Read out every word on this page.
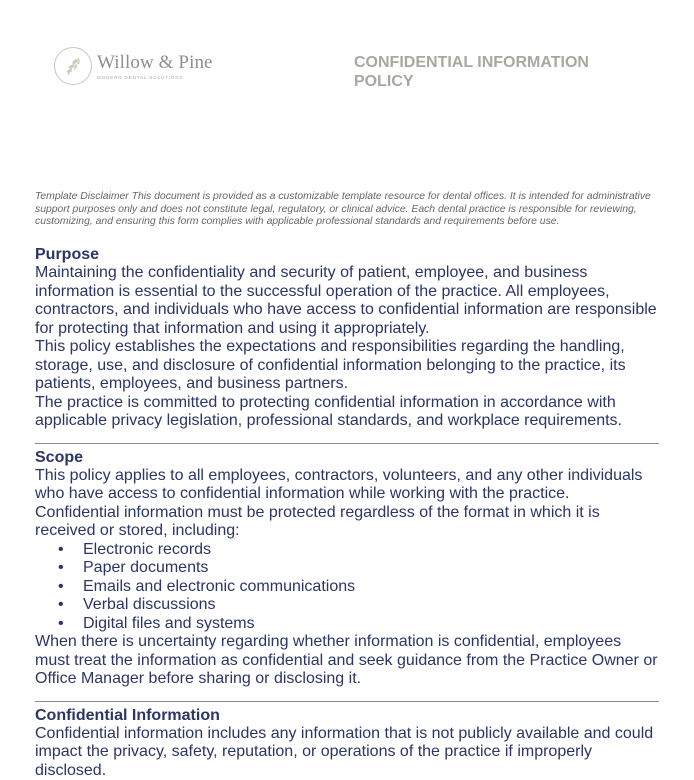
Willow & Pine
MODERN DENTAL SOLUTIONS
CONFIDENTIAL INFORMATION POLICY

Template Disclaimer This document is provided as a customizable template resource for dental offices. It is intended for administrative support purposes only and does not constitute legal, regulatory, or clinical advice. Each dental practice is responsible for reviewing, customizing, and ensuring this form complies with applicable professional standards and requirements before use.

Purpose

Maintaining the confidentiality and security of patient, employee, and business information is essential to the successful operation of the practice. All employees, contractors, and individuals who have access to confidential information are responsible for protecting that information and using it appropriately.

This policy establishes the expectations and responsibilities regarding the handling, storage, use, and disclosure of confidential information belonging to the practice, its patients, employees, and business partners.

The practice is committed to protecting confidential information in accordance with applicable privacy legislation, professional standards, and workplace requirements.

Scope

This policy applies to all employees, contractors, volunteers, and any other individuals who have access to confidential information while working with the practice.

Confidential information must be protected regardless of the format in which it is received or stored, including:

• Electronic records
• Paper documents
• Emails and electronic communications
• Verbal discussions
• Digital files and systems

When there is uncertainty regarding whether information is confidential, employees must treat the information as confidential and seek guidance from the Practice Owner or Office Manager before sharing or disclosing it.

Confidential Information

Confidential information includes any information that is not publicly available and could impact the privacy, safety, reputation, or operations of the practice if improperly disclosed.
